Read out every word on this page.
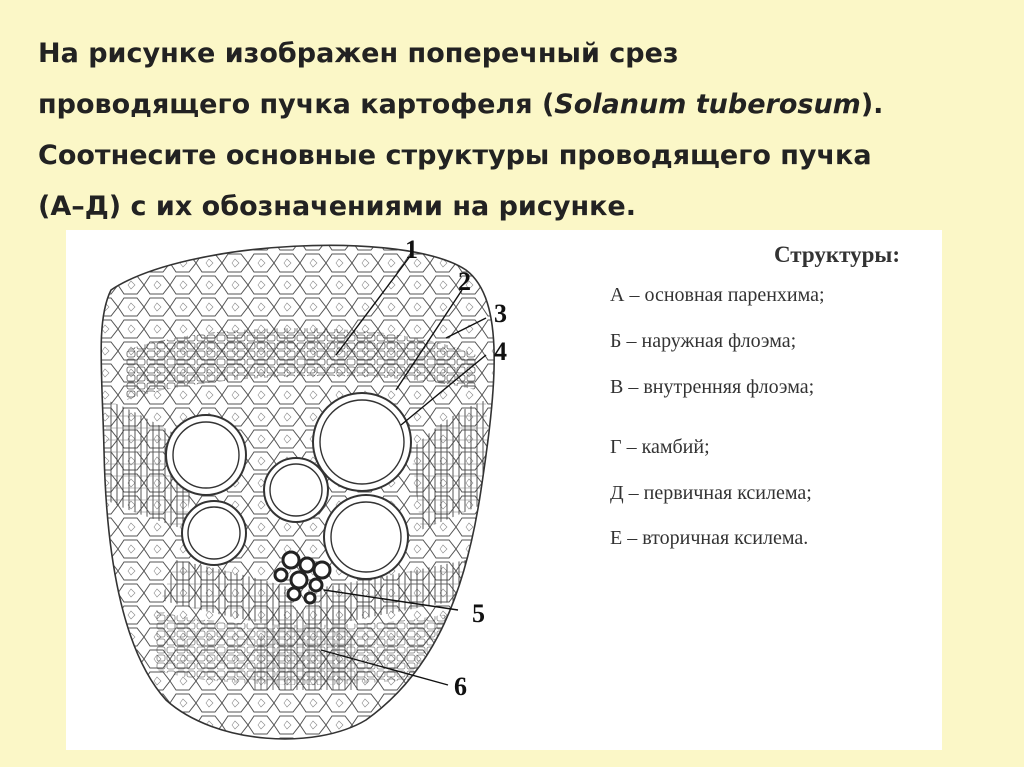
На рисунке изображен поперечный срез
проводящего пучка картофеля (Solanum tuberosum).
Соотнесите основные структуры проводящего пучка
(А–Д) с их обозначениями на рисунке.
1
2
3
4
5
6
Структуры:
А – основная паренхима;
Б – наружная флоэма;
В – внутренняя флоэма;
Г – камбий;
Д – первичная ксилема;
Е – вторичная ксилема.
